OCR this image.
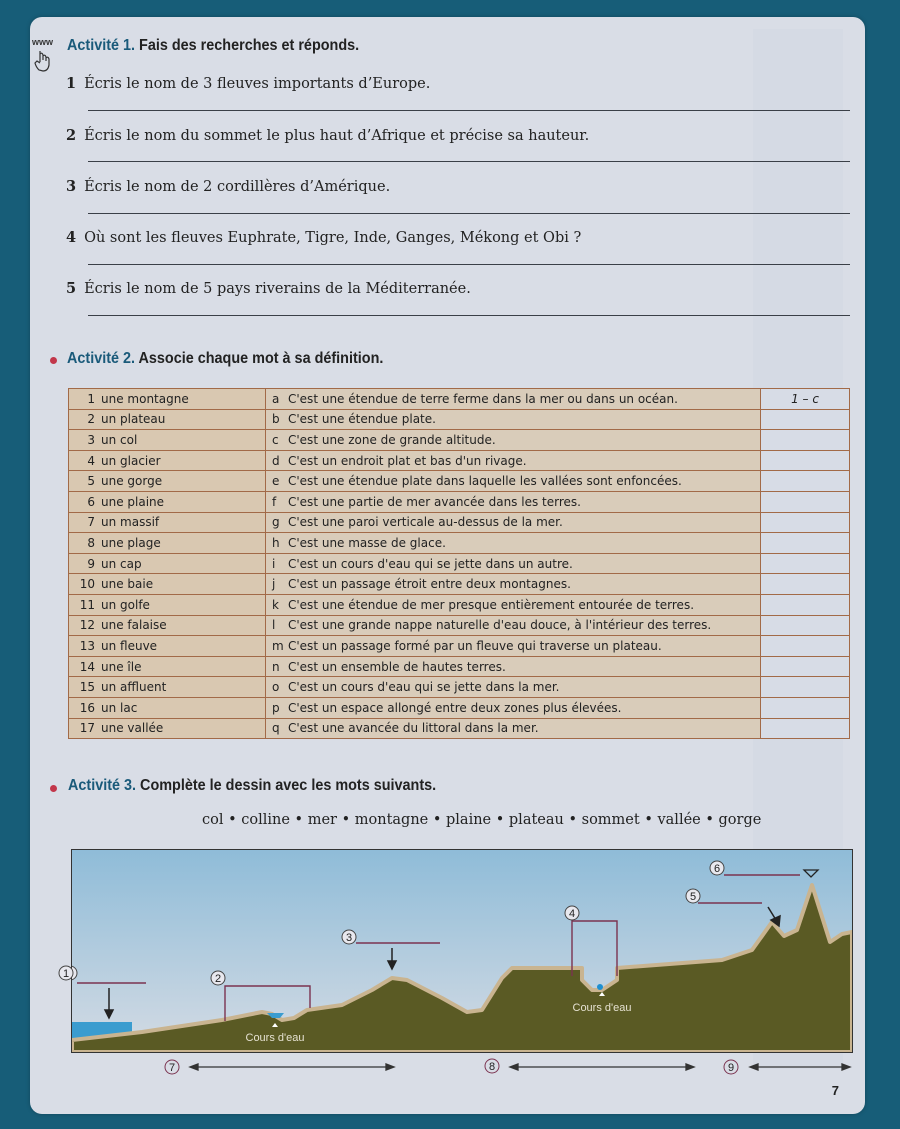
www Activité 1. Fais des recherches et réponds.
1 Écris le nom de 3 fleuves importants d’Europe.
2 Écris le nom du sommet le plus haut d’Afrique et précise sa hauteur.
3 Écris le nom de 2 cordillères d’Amérique.
4 Où sont les fleuves Euphrate, Tigre, Inde, Ganges, Mékong et Obi ?
5 Écris le nom de 5 pays riverains de la Méditerranée.
Activité 2. Associe chaque mot à sa définition.
1 une montagne	a C'est une étendue de terre ferme dans la mer ou dans un océan.	1 – c
2 un plateau	b C'est une étendue plate.	
3 un col	c C'est une zone de grande altitude.	
4 un glacier	d C'est un endroit plat et bas d'un rivage.	
5 une gorge	e C'est une étendue plate dans laquelle les vallées sont enfoncées.	
6 une plaine	f C'est une partie de mer avancée dans les terres.	
7 un massif	g C'est une paroi verticale au-dessus de la mer.	
8 une plage	h C'est une masse de glace.	
9 un cap	i C'est un cours d'eau qui se jette dans un autre.	
10 une baie	j C'est un passage étroit entre deux montagnes.	
11 un golfe	k C'est une étendue de mer presque entièrement entourée de terres.	
12 une falaise	l C'est une grande nappe naturelle d'eau douce, à l'intérieur des terres.	
13 un fleuve	m C'est un passage formé par un fleuve qui traverse un plateau.	
14 une île	n C'est un ensemble de hautes terres.	
15 un affluent	o C'est un cours d'eau qui se jette dans la mer.	
16 un lac	p C'est un espace allongé entre deux zones plus élevées.	
17 une vallée	q C'est une avancée du littoral dans la mer.	
Activité 3. Complète le dessin avec les mots suivants.
col • colline • mer • montagne • plaine • plateau • sommet • vallée • gorge
2
3
4
5
6
Cours d'eau
Cours d'eau
1
7	8	9
7
